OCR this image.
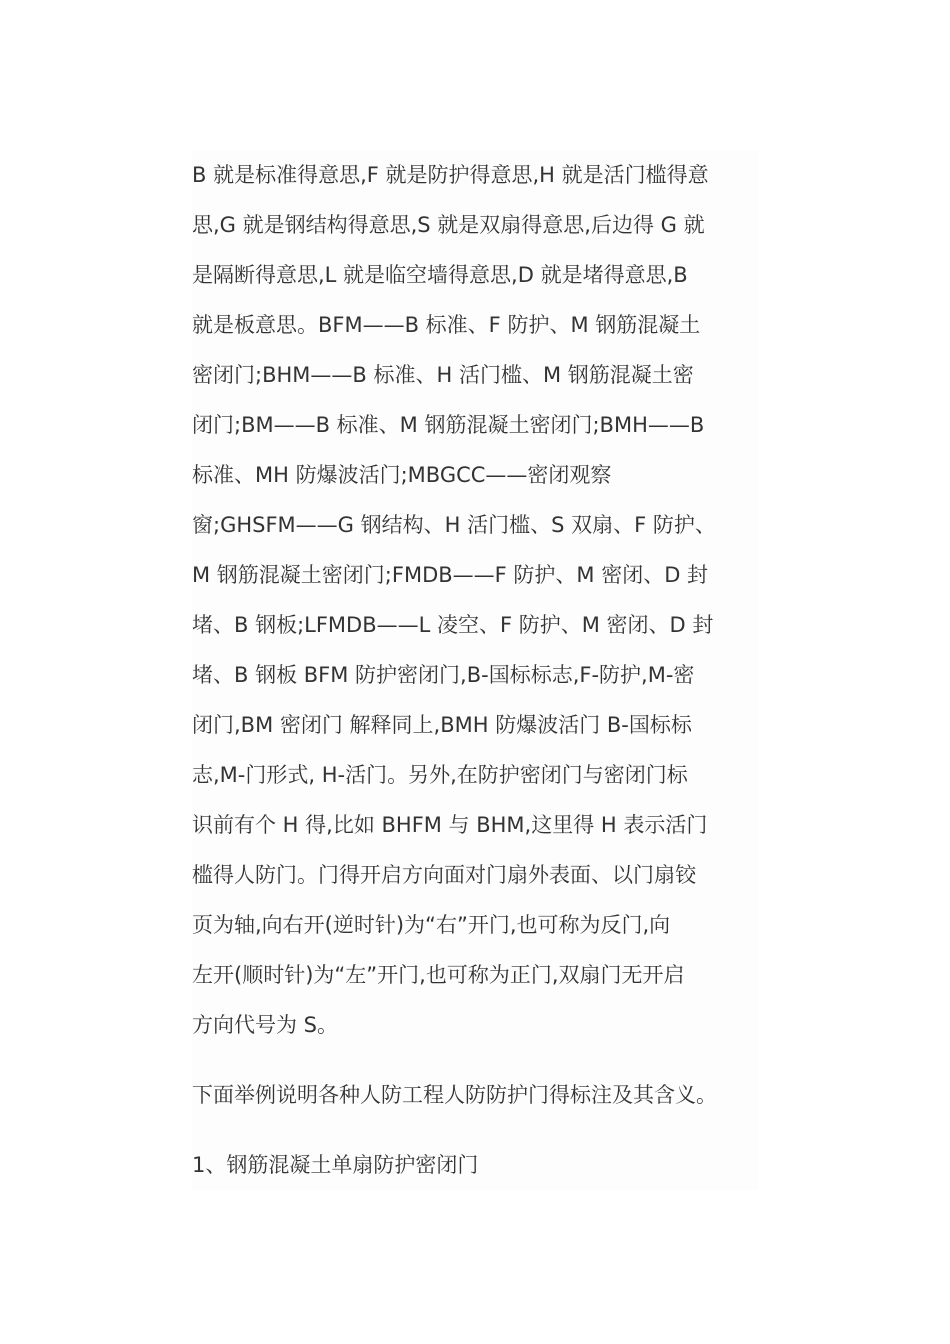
B 就是标准得意思,F 就是防护得意思,H 就是活门槛得意
思,G 就是钢结构得意思,S 就是双扇得意思,后边得 G 就
是隔断得意思,L 就是临空墙得意思,D 就是堵得意思,B
就是板意思。BFM——B 标准、F 防护、M 钢筋混凝土
密闭门;BHM——B 标准、H 活门槛、M 钢筋混凝土密
闭门;BM——B 标准、M 钢筋混凝土密闭门;BMH——B
标准、MH 防爆波活门;MBGCC——密闭观察
窗;GHSFM——G 钢结构、H 活门槛、S 双扇、F 防护、
M 钢筋混凝土密闭门;FMDB——F 防护、M 密闭、D 封
堵、B 钢板;LFMDB——L 凌空、F 防护、M 密闭、D 封
堵、B 钢板 BFM 防护密闭门,B-国标标志,F-防护,M-密
闭门,BM 密闭门 解释同上,BMH 防爆波活门 B-国标标
志,M-门形式, H-活门。另外,在防护密闭门与密闭门标
识前有个 H 得,比如 BHFM 与 BHM,这里得 H 表示活门
槛得人防门。门得开启方向面对门扇外表面、以门扇铰
页为轴,向右开(逆时针)为“右”开门,也可称为反门,向
左开(顺时针)为“左”开门,也可称为正门,双扇门无开启
方向代号为 S。

下面举例说明各种人防工程人防防护门得标注及其含义。

1、钢筋混凝土单扇防护密闭门
